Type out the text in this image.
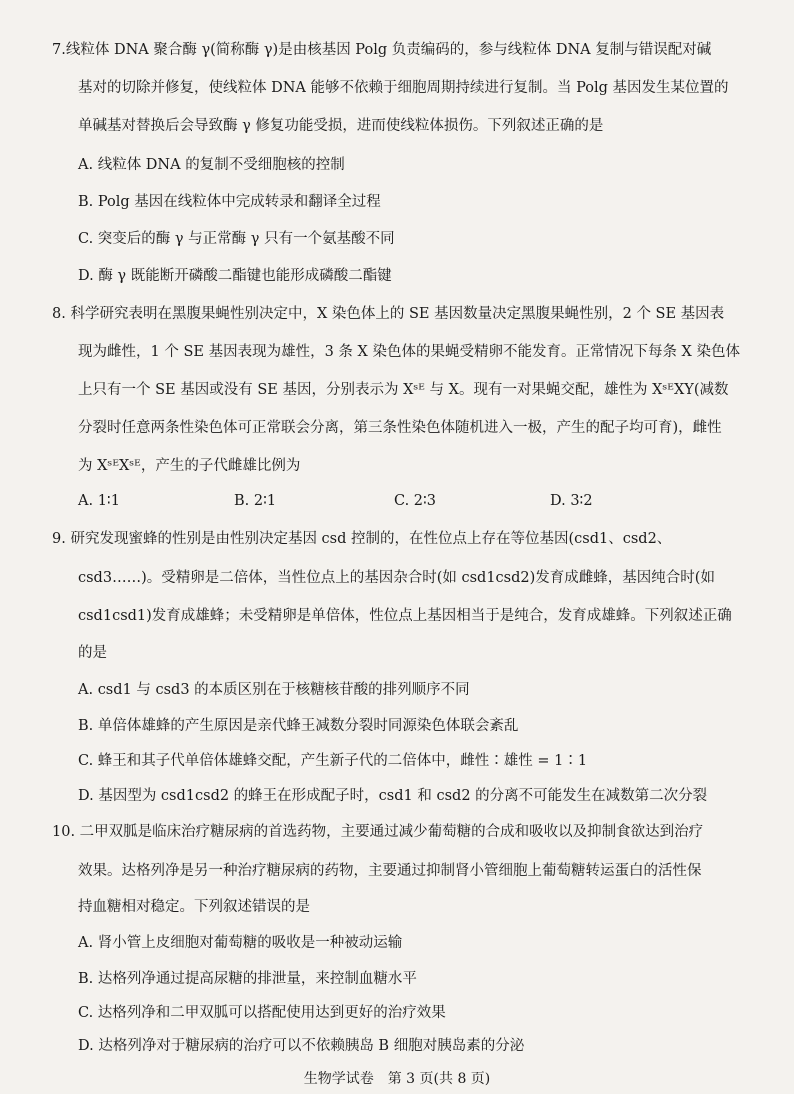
7.线粒体 DNA 聚合酶 γ(简称酶 γ)是由核基因 Polg 负责编码的，参与线粒体 DNA 复制与错误配对碱
基对的切除并修复，使线粒体 DNA 能够不依赖于细胞周期持续进行复制。当 Polg 基因发生某位置的
单碱基对替换后会导致酶 γ 修复功能受损，进而使线粒体损伤。下列叙述正确的是
A. 线粒体 DNA 的复制不受细胞核的控制
B. Polg 基因在线粒体中完成转录和翻译全过程
C. 突变后的酶 γ 与正常酶 γ 只有一个氨基酸不同
D. 酶 γ 既能断开磷酸二酯键也能形成磷酸二酯键
8. 科学研究表明在黑腹果蝇性别决定中，X 染色体上的 SE 基因数量决定黑腹果蝇性别，2 个 SE 基因表
现为雌性，1 个 SE 基因表现为雄性，3 条 X 染色体的果蝇受精卵不能发育。正常情况下每条 X 染色体
上只有一个 SE 基因或没有 SE 基因，分别表示为 Xˢᴱ 与 X。现有一对果蝇交配，雄性为 XˢᴱXY(减数
分裂时任意两条性染色体可正常联会分离，第三条性染色体随机进入一极，产生的配子均可育)，雌性
为 XˢᴱXˢᴱ，产生的子代雌雄比例为
A. 1∶1	B. 2∶1	C. 2∶3	D. 3∶2
9. 研究发现蜜蜂的性别是由性别决定基因 csd 控制的，在性位点上存在等位基因(csd1、csd2、
csd3……)。受精卵是二倍体，当性位点上的基因杂合时(如 csd1csd2)发育成雌蜂，基因纯合时(如
csd1csd1)发育成雄蜂；未受精卵是单倍体，性位点上基因相当于是纯合，发育成雄蜂。下列叙述正确
的是
A. csd1 与 csd3 的本质区别在于核糖核苷酸的排列顺序不同
B. 单倍体雄蜂的产生原因是亲代蜂王减数分裂时同源染色体联会紊乱
C. 蜂王和其子代单倍体雄蜂交配，产生新子代的二倍体中，雌性∶雄性 = 1∶1
D. 基因型为 csd1csd2 的蜂王在形成配子时，csd1 和 csd2 的分离不可能发生在减数第二次分裂
10. 二甲双胍是临床治疗糖尿病的首选药物，主要通过减少葡萄糖的合成和吸收以及抑制食欲达到治疗
效果。达格列净是另一种治疗糖尿病的药物，主要通过抑制肾小管细胞上葡萄糖转运蛋白的活性保
持血糖相对稳定。下列叙述错误的是
A. 肾小管上皮细胞对葡萄糖的吸收是一种被动运输
B. 达格列净通过提高尿糖的排泄量，来控制血糖水平
C. 达格列净和二甲双胍可以搭配使用达到更好的治疗效果
D. 达格列净对于糖尿病的治疗可以不依赖胰岛 B 细胞对胰岛素的分泌
生物学试卷　第 3 页(共 8 页)
